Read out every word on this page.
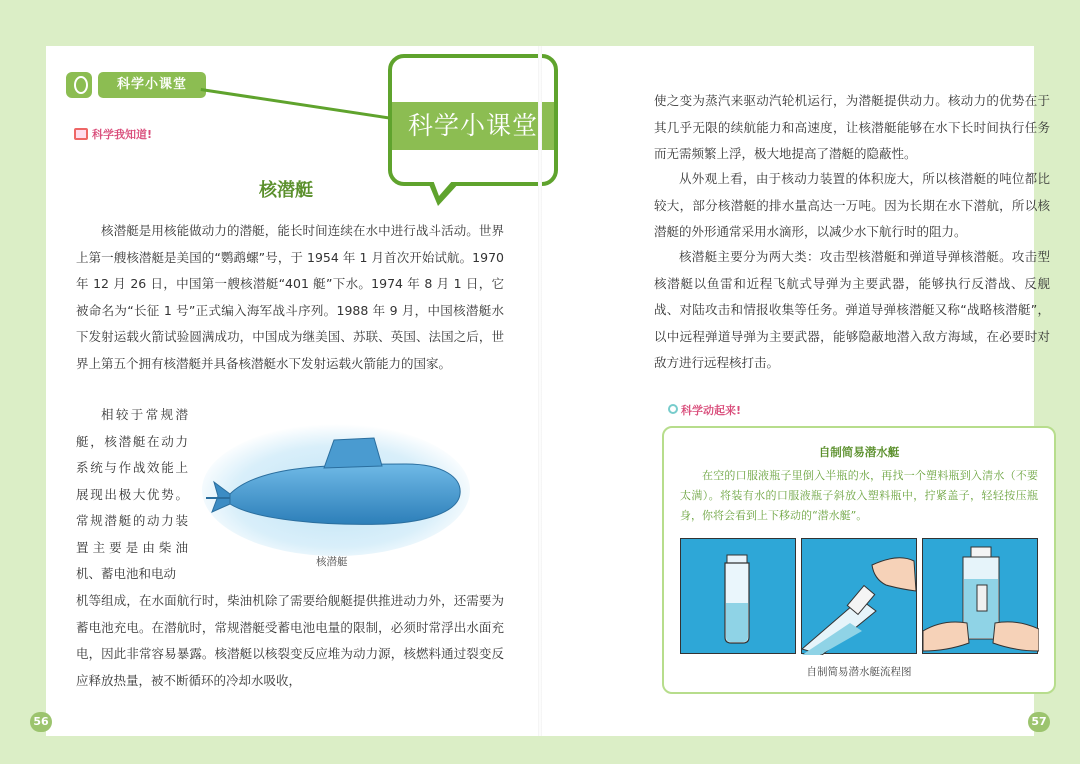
科学小课堂
科学小课堂
科学我知道!
核潜艇
核潜艇是用核能做动力的潜艇，能长时间连续在水中进行战斗活动。世界上第一艘核潜艇是美国的“鹦鹉螺”号，于 1954 年 1 月首次开始试航。1970 年 12 月 26 日，中国第一艘核潜艇“401 艇”下水。1974 年 8 月 1 日，它被命名为“长征 1 号”正式编入海军战斗序列。1988 年 9 月，中国核潜艇水下发射运载火箭试验圆满成功，中国成为继美国、苏联、英国、法国之后，世界上第五个拥有核潜艇并具备核潜艇水下发射运载火箭能力的国家。
相较于常规潜艇，核潜艇在动力系统与作战效能上展现出极大优势。常规潜艇的动力装置主要是由柴油机、蓄电池和电动
核潜艇
机等组成，在水面航行时，柴油机除了需要给舰艇提供推进动力外，还需要为蓄电池充电。在潜航时，常规潜艇受蓄电池电量的限制，必须时常浮出水面充电，因此非常容易暴露。核潜艇以核裂变反应堆为动力源，核燃料通过裂变反应释放热量，被不断循环的冷却水吸收，
56
使之变为蒸汽来驱动汽轮机运行，为潜艇提供动力。核动力的优势在于其几乎无限的续航能力和高速度，让核潜艇能够在水下长时间执行任务而无需频繁上浮，极大地提高了潜艇的隐蔽性。
从外观上看，由于核动力装置的体积庞大，所以核潜艇的吨位都比较大，部分核潜艇的排水量高达一万吨。因为长期在水下潜航，所以核潜艇的外形通常采用水滴形，以减少水下航行时的阻力。
核潜艇主要分为两大类：攻击型核潜艇和弹道导弹核潜艇。攻击型核潜艇以鱼雷和近程飞航式导弹为主要武器，能够执行反潜战、反舰战、对陆攻击和情报收集等任务。弹道导弹核潜艇又称“战略核潜艇”，以中远程弹道导弹为主要武器，能够隐蔽地潜入敌方海域，在必要时对敌方进行远程核打击。
科学动起来!
自制简易潜水艇
在空的口服液瓶子里倒入半瓶的水，再找一个塑料瓶到入清水（不要太满）。将装有水的口服液瓶子斜放入塑料瓶中，拧紧盖子，轻轻按压瓶身，你将会看到上下移动的“潜水艇”。
自制简易潜水艇流程图
57
